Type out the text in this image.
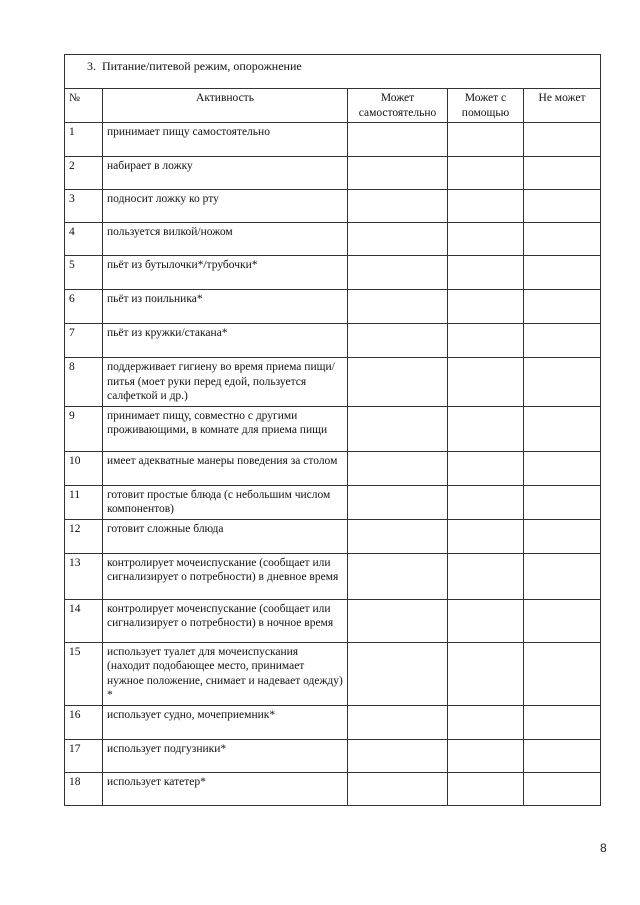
3.  Питание/питевой режим, опорожнение				
№	Активность	Может самостоятельно	Может с помощью	Не может
1	принимает пищу самостоятельно			
2	набирает в ложку			
3	подносит ложку ко рту			
4	пользуется вилкой/ножом			
5	пьёт из бутылочки*/трубочки*			
6	пьёт из поильника*			
7	пьёт из кружки/стакана*			
8	поддерживает гигиену во время приема пищи/питья (моет руки перед едой, пользуется салфеткой и др.)			
9	принимает пищу, совместно с другими проживающими, в комнате для приема пищи			
10	имеет адекватные манеры поведения за столом			
11	готовит простые блюда (с небольшим числом компонентов)			
12	готовит сложные блюда			
13	контролирует мочеиспускание (сообщает или сигнализирует о потребности) в дневное время			
14	контролирует мочеиспускание (сообщает или сигнализирует о потребности) в ночное время			
15	использует туалет для мочеиспускания (находит подобающее место, принимает нужное положение, снимает и надевает одежду) *			
16	использует судно, мочеприемник*			
17	использует подгузники*			
18	использует катетер*			
8
